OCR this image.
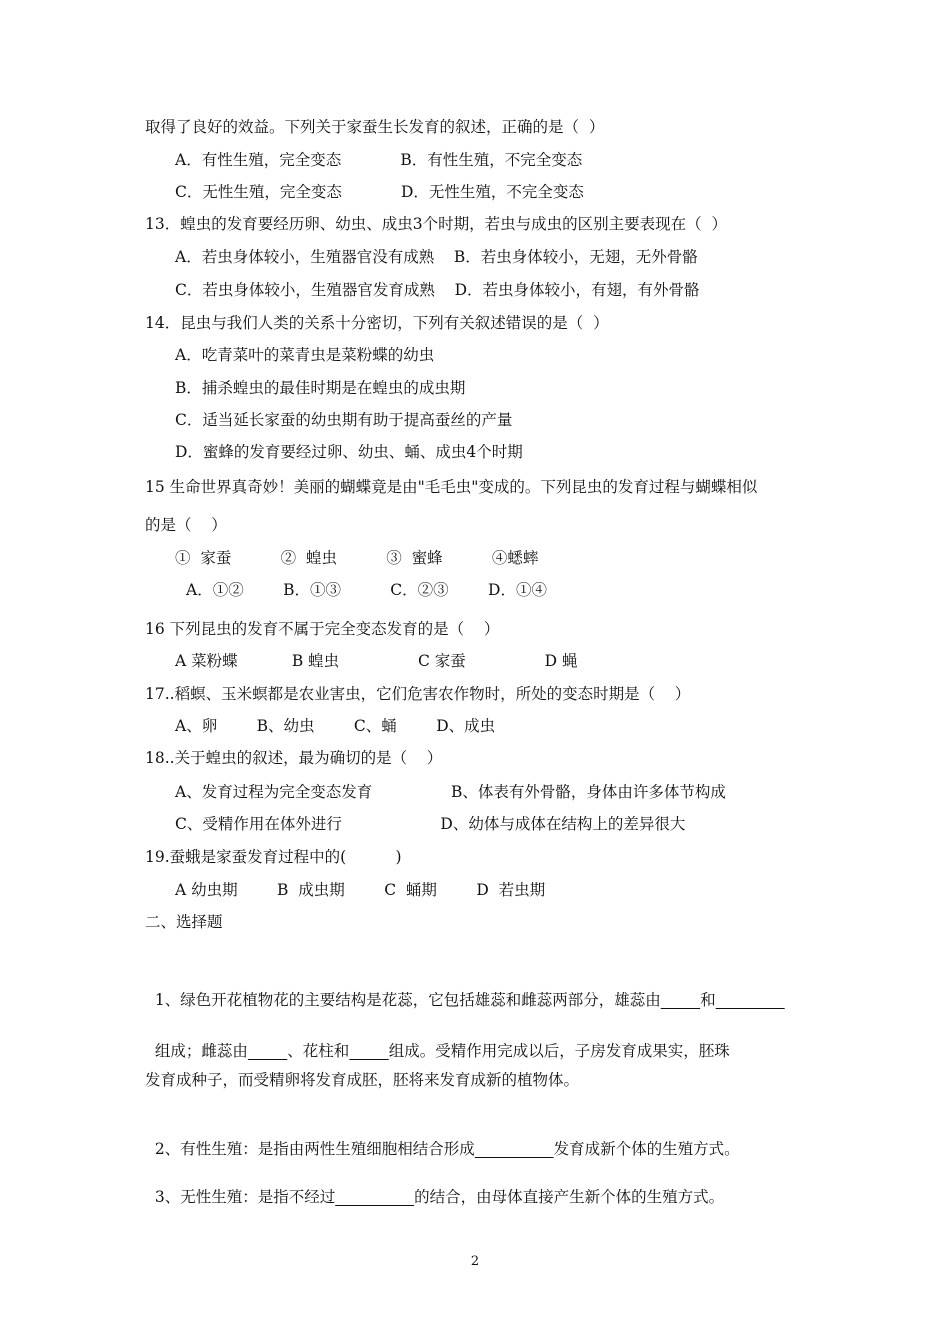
取得了良好的效益。下列关于家蚕生长发育的叙述，正确的是（  ）
A．有性生殖，完全变态            B．有性生殖，不完全变态
C．无性生殖，完全变态            D．无性生殖，不完全变态
13．蝗虫的发育要经历卵、幼虫、成虫3个时期，若虫与成虫的区别主要表现在（  ）
A．若虫身体较小，生殖器官没有成熟    B．若虫身体较小，无翅，无外骨骼
C．若虫身体较小，生殖器官发育成熟    D．若虫身体较小，有翅，有外骨骼
14．昆虫与我们人类的关系十分密切，下列有关叙述错误的是（  ）
A．吃青菜叶的菜青虫是菜粉蝶的幼虫
B．捕杀蝗虫的最佳时期是在蝗虫的成虫期
C．适当延长家蚕的幼虫期有助于提高蚕丝的产量
D．蜜蜂的发育要经过卵、幼虫、蛹、成虫4个时期
15 生命世界真奇妙！美丽的蝴蝶竟是由"毛毛虫"变成的。下列昆虫的发育过程与蝴蝶相似
的是（    ）
①  家蚕          ②  蝗虫          ③  蜜蜂          ④蟋蟀
A．①②        B．①③          C．②③        D．①④
16 下列昆虫的发育不属于完全变态发育的是（    ）
A 菜粉蝶           B 蝗虫                C 家蚕                D 蝇
17..稻螟、玉米螟都是农业害虫，它们危害农作物时，所处的变态时期是（    ）
A、卵        B、幼虫        C、蛹        D、成虫
18..关于蝗虫的叙述，最为确切的是（    ）
A、发育过程为完全变态发育                B、体表有外骨骼，身体由许多体节构成
C、受精作用在体外进行                    D、幼体与成体在结构上的差异很大
19.蚕蛾是家蚕发育过程中的(          )
A 幼虫期        B  成虫期        C  蛹期        D  若虫期
二、选择题

1、绿色开花植物花的主要结构是花蕊，它包括雄蕊和雌蕊两部分，雄蕊由	和

组成；雌蕊由	、花柱和	组成。受精作用完成以后，子房发育成果实，胚珠

发育成种子，而受精卵将发育成胚，胚将来发育成新的植物体。

2、有性生殖：是指由两性生殖细胞相结合形成	发育成新个体的生殖方式。

3、无性生殖：是指不经过	的结合，由母体直接产生新个体的生殖方式。

2
